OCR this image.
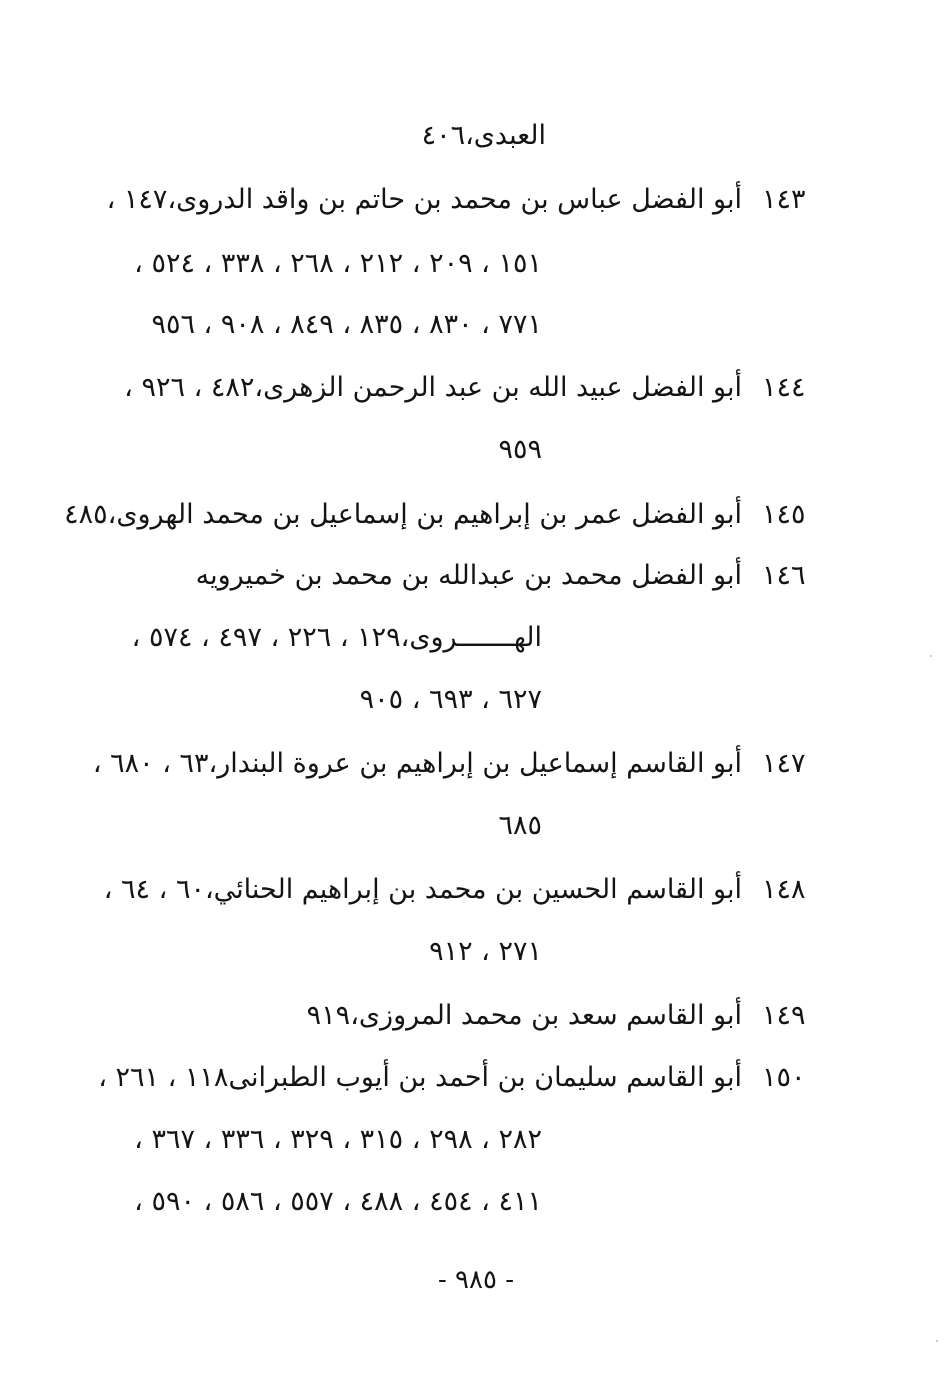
العبدى،٤٠٦
١٤٣
أبو الفضل عباس بن محمد بن حاتم بن واقد الدروى،١٤٧ ،
١٥١ ، ٢٠٩ ، ٢١٢ ، ٢٦٨ ، ٣٣٨ ، ٥٢٤ ،
٧٧١ ، ٨٣٠ ، ٨٣٥ ، ٨٤٩ ، ٩٠٨ ، ٩٥٦
١٤٤
أبو الفضل عبيد الله بن عبد الرحمن الزهرى،٤٨٢ ، ٩٢٦ ،
٩٥٩
١٤٥
أبو الفضل عمر بن إبراهيم بن إسماعيل بن محمد الهروى،٤٨٥
١٤٦
أبو الفضل محمد بن عبدالله بن محمد بن خميرويه
الهـــــــروى،١٢٩ ، ٢٢٦ ، ٤٩٧ ، ٥٧٤ ،
٦٢٧ ، ٦٩٣ ، ٩٠٥
١٤٧
أبو القاسم إسماعيل بن إبراهيم بن عروة البندار،٦٣ ، ٦٨٠ ،
٦٨٥
١٤٨
أبو القاسم الحسين بن محمد بن إبراهيم الحنائي،٦٠ ، ٦٤ ،
٢٧١ ، ٩١٢
١٤٩
أبو القاسم سعد بن محمد المروزى،٩١٩
١٥٠
أبو القاسم سليمان بن أحمد بن أيوب الطبرانى١١٨ ، ٢٦١ ،
٢٨٢ ، ٢٩٨ ، ٣١٥ ، ٣٢٩ ، ٣٣٦ ، ٣٦٧ ،
٤١١ ، ٤٥٤ ، ٤٨٨ ، ٥٥٧ ، ٥٨٦ ، ٥٩٠ ،
- ٩٨٥ -
